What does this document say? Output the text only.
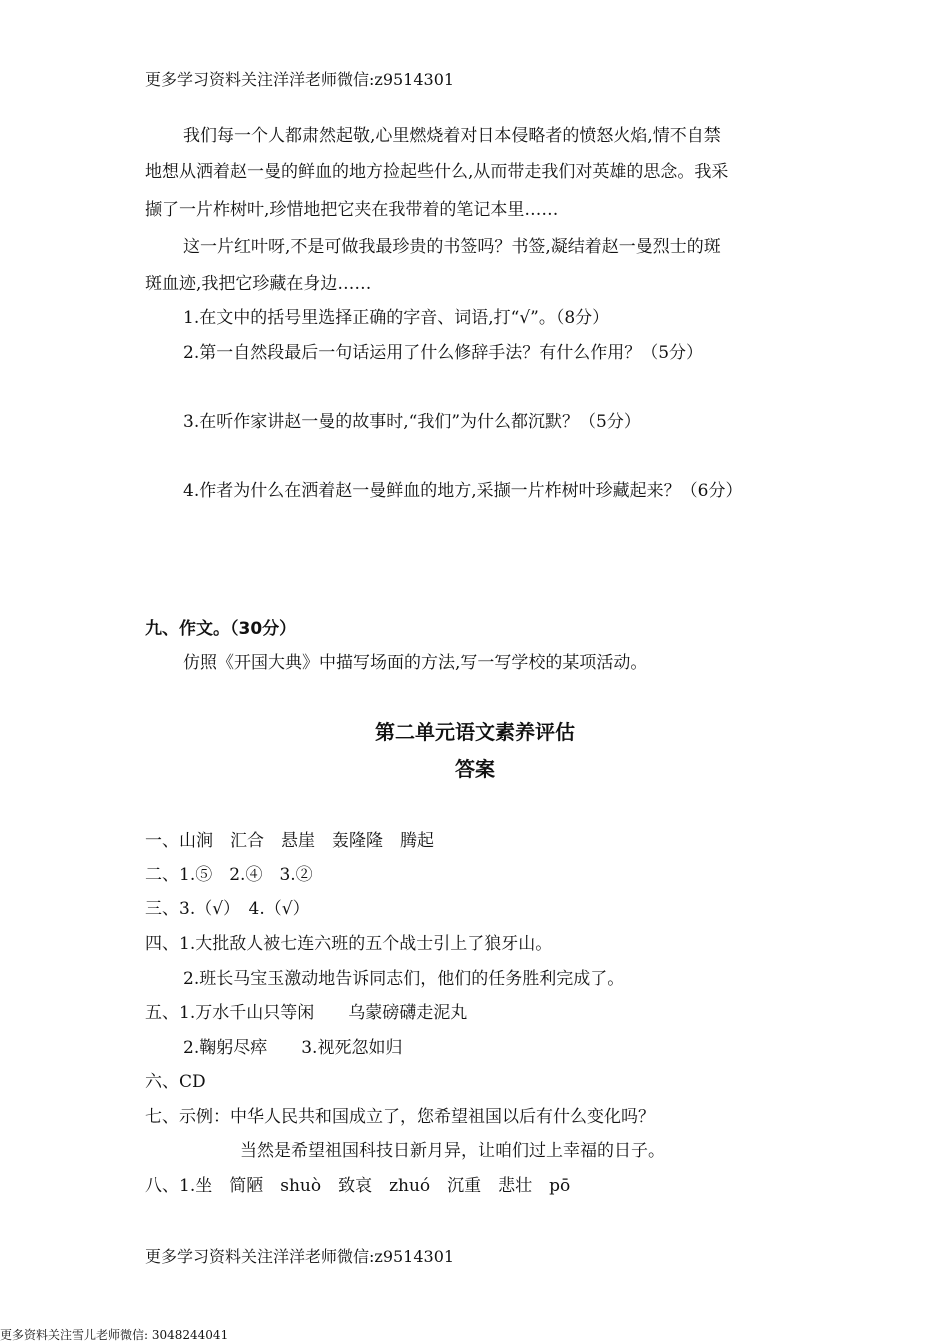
更多学习资料关注洋洋老师微信:z9514301
我们每一个人都肃然起敬,心里燃烧着对日本侵略者的愤怒火焰,情不自禁
地想从洒着赵一曼的鲜血的地方捡起些什么,从而带走我们对英雄的思念。我采
撷了一片柞树叶,珍惜地把它夹在我带着的笔记本里……
这一片红叶呀,不是可做我最珍贵的书签吗？书签,凝结着赵一曼烈士的斑
斑血迹,我把它珍藏在身边……
1.在文中的括号里选择正确的字音、词语,打“√”。（8分）
2.第一自然段最后一句话运用了什么修辞手法？有什么作用？（5分）
3.在听作家讲赵一曼的故事时,“我们”为什么都沉默？（5分）
4.作者为什么在洒着赵一曼鲜血的地方,采撷一片柞树叶珍藏起来？（6分）
九、作文。（30分）
仿照《开国大典》中描写场面的方法,写一写学校的某项活动。
第二单元语文素养评估
答案
一、山涧　汇合　悬崖　轰隆隆　腾起
二、1.⑤　2.④　3.②
三、3.（√）　4.（√）
四、1.大批敌人被七连六班的五个战士引上了狼牙山。
2.班长马宝玉激动地告诉同志们，他们的任务胜利完成了。
五、1.万水千山只等闲　　乌蒙磅礴走泥丸
2.鞠躬尽瘁　　3.视死忽如归
六、CD
七、示例：中华人民共和国成立了，您希望祖国以后有什么变化吗？
当然是希望祖国科技日新月异，让咱们过上幸福的日子。
八、1.坐　简陋　shuò　致哀　zhuó　沉重　悲壮　pō
更多学习资料关注洋洋老师微信:z9514301
更多资料关注雪儿老师微信: 3048244041
